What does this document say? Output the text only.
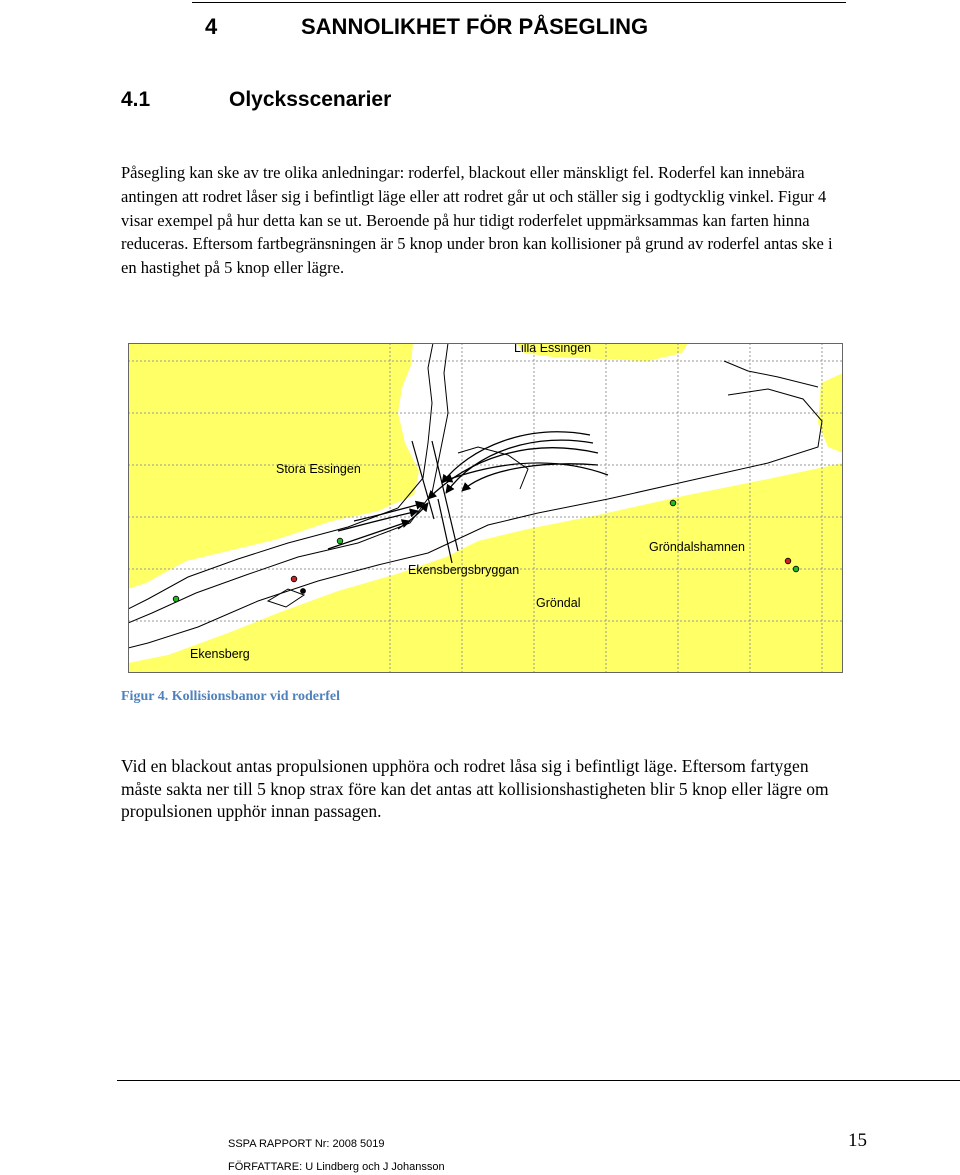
4	SANNOLIKHET FÖR PÅSEGLING
4.1	Olycksscenarier

Påsegling kan ske av tre olika anledningar: roderfel, blackout eller mänskligt fel. Roderfel kan innebära antingen att rodret låser sig i befintligt läge eller att rodret går ut och ställer sig i godtycklig vinkel. Figur 4 visar exempel på hur detta kan se ut. Beroende på hur tidigt roderfelet uppmärksammas kan farten hinna reduceras. Eftersom fartbegränsningen är 5 knop under bron kan kollisioner på grund av roderfel antas ske i en hastighet på 5 knop eller lägre.

Lilla Essingen
Stora Essingen
Gröndalshamnen
Ekensbergsbryggan
Gröndal
Ekensberg
Figur 4. Kollisionsbanor vid roderfel

Vid en blackout antas propulsionen upphöra och rodret låsa sig i befintligt läge. Eftersom fartygen måste sakta ner till 5 knop strax före kan det antas att kollisionshastigheten blir 5 knop eller lägre om propulsionen upphör innan passagen.

SSPA RAPPORT Nr: 2008 5019
FÖRFATTARE: U Lindberg och J Johansson
15
